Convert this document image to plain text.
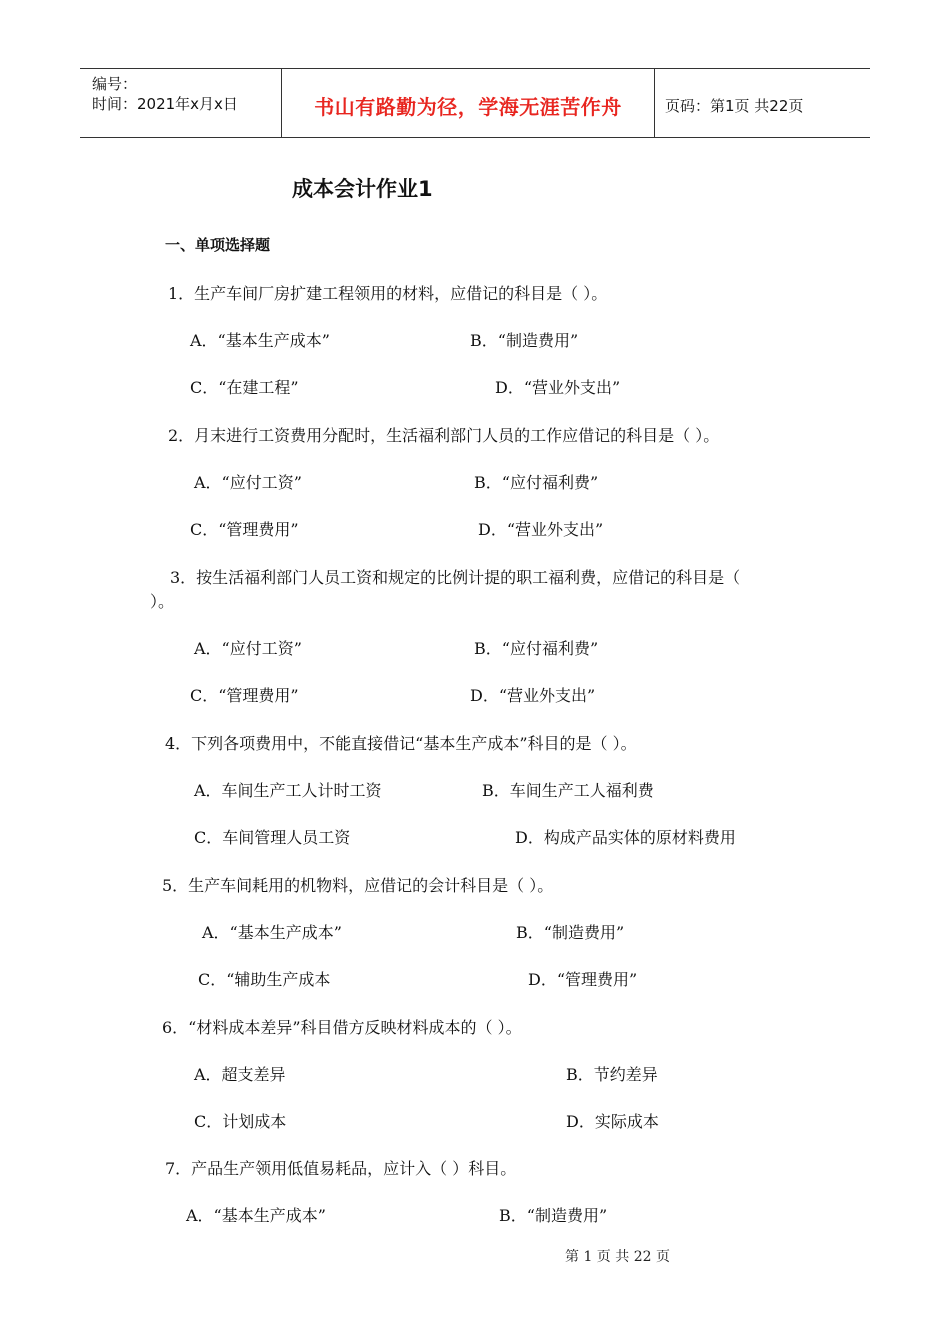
编号：
时间：2021年x月x日	书山有路勤为径，学海无涯苦作舟	页码：第1页 共22页
成本会计作业1
一、单项选择题
1．生产车间厂房扩建工程领用的材料，应借记的科目是（ ）。
A．“基本生产成本”	B．“制造费用”
C．“在建工程”	D．“营业外支出”
2．月末进行工资费用分配时，生活福利部门人员的工作应借记的科目是（ ）。
A．“应付工资”	B．“应付福利费”
C．“管理费用”	D．“营业外支出”
3．按生活福利部门人员工资和规定的比例计提的职工福利费，应借记的科目是（
）。
A．“应付工资”	B．“应付福利费”
C．“管理费用”	D．“营业外支出”
4．下列各项费用中，不能直接借记“基本生产成本”科目的是（ ）。
A．车间生产工人计时工资	B．车间生产工人福利费
C．车间管理人员工资	D．构成产品实体的原材料费用
5．生产车间耗用的机物料，应借记的会计科目是（ ）。
A．“基本生产成本”	B．“制造费用”
C．“辅助生产成本	D．“管理费用”
6．“材料成本差异”科目借方反映材料成本的（ ）。
A．超支差异	B．节约差异
C．计划成本	D．实际成本
7．产品生产领用低值易耗品，应计入（ ）科目。
A．“基本生产成本”	B．“制造费用”
第 1 页 共 22 页
